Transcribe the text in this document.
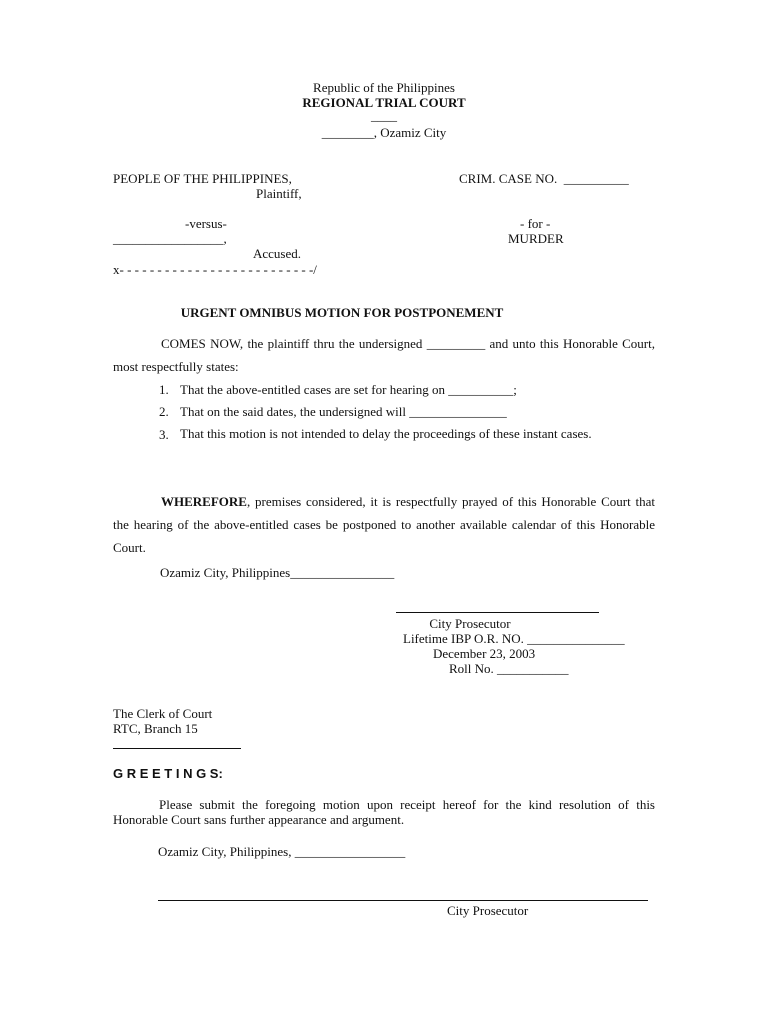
Republic of the Philippines
REGIONAL TRIAL COURT
____
________, Ozamiz City
PEOPLE OF THE PHILIPPINES,
Plaintiff,
CRIM. CASE NO.  __________
-versus-
_________________,
Accused.
- for -
MURDER
x- - - - - - - - - - - - - - - - - - - - - - - - - -/
URGENT OMNIBUS MOTION FOR POSTPONEMENT
COMES NOW, the plaintiff thru the undersigned _________ and unto this Honorable Court, most respectfully states:
1. That the above-entitled cases are set for hearing on __________;
2. That on the said dates, the undersigned will _______________
3. That this motion is not intended to delay the proceedings of these instant cases.
WHEREFORE, premises considered, it is respectfully prayed of this Honorable Court that the hearing of the above-entitled cases be postponed to another available calendar of this Honorable Court.
Ozamiz City, Philippines________________
City Prosecutor
Lifetime IBP O.R. NO. _______________
December 23, 2003
Roll No. ___________
The Clerk of Court
RTC, Branch 15
G R E E T I N G S:
Please submit the foregoing motion upon receipt hereof for the kind resolution of this Honorable Court sans further appearance and argument.
Ozamiz City, Philippines, _________________
City Prosecutor
